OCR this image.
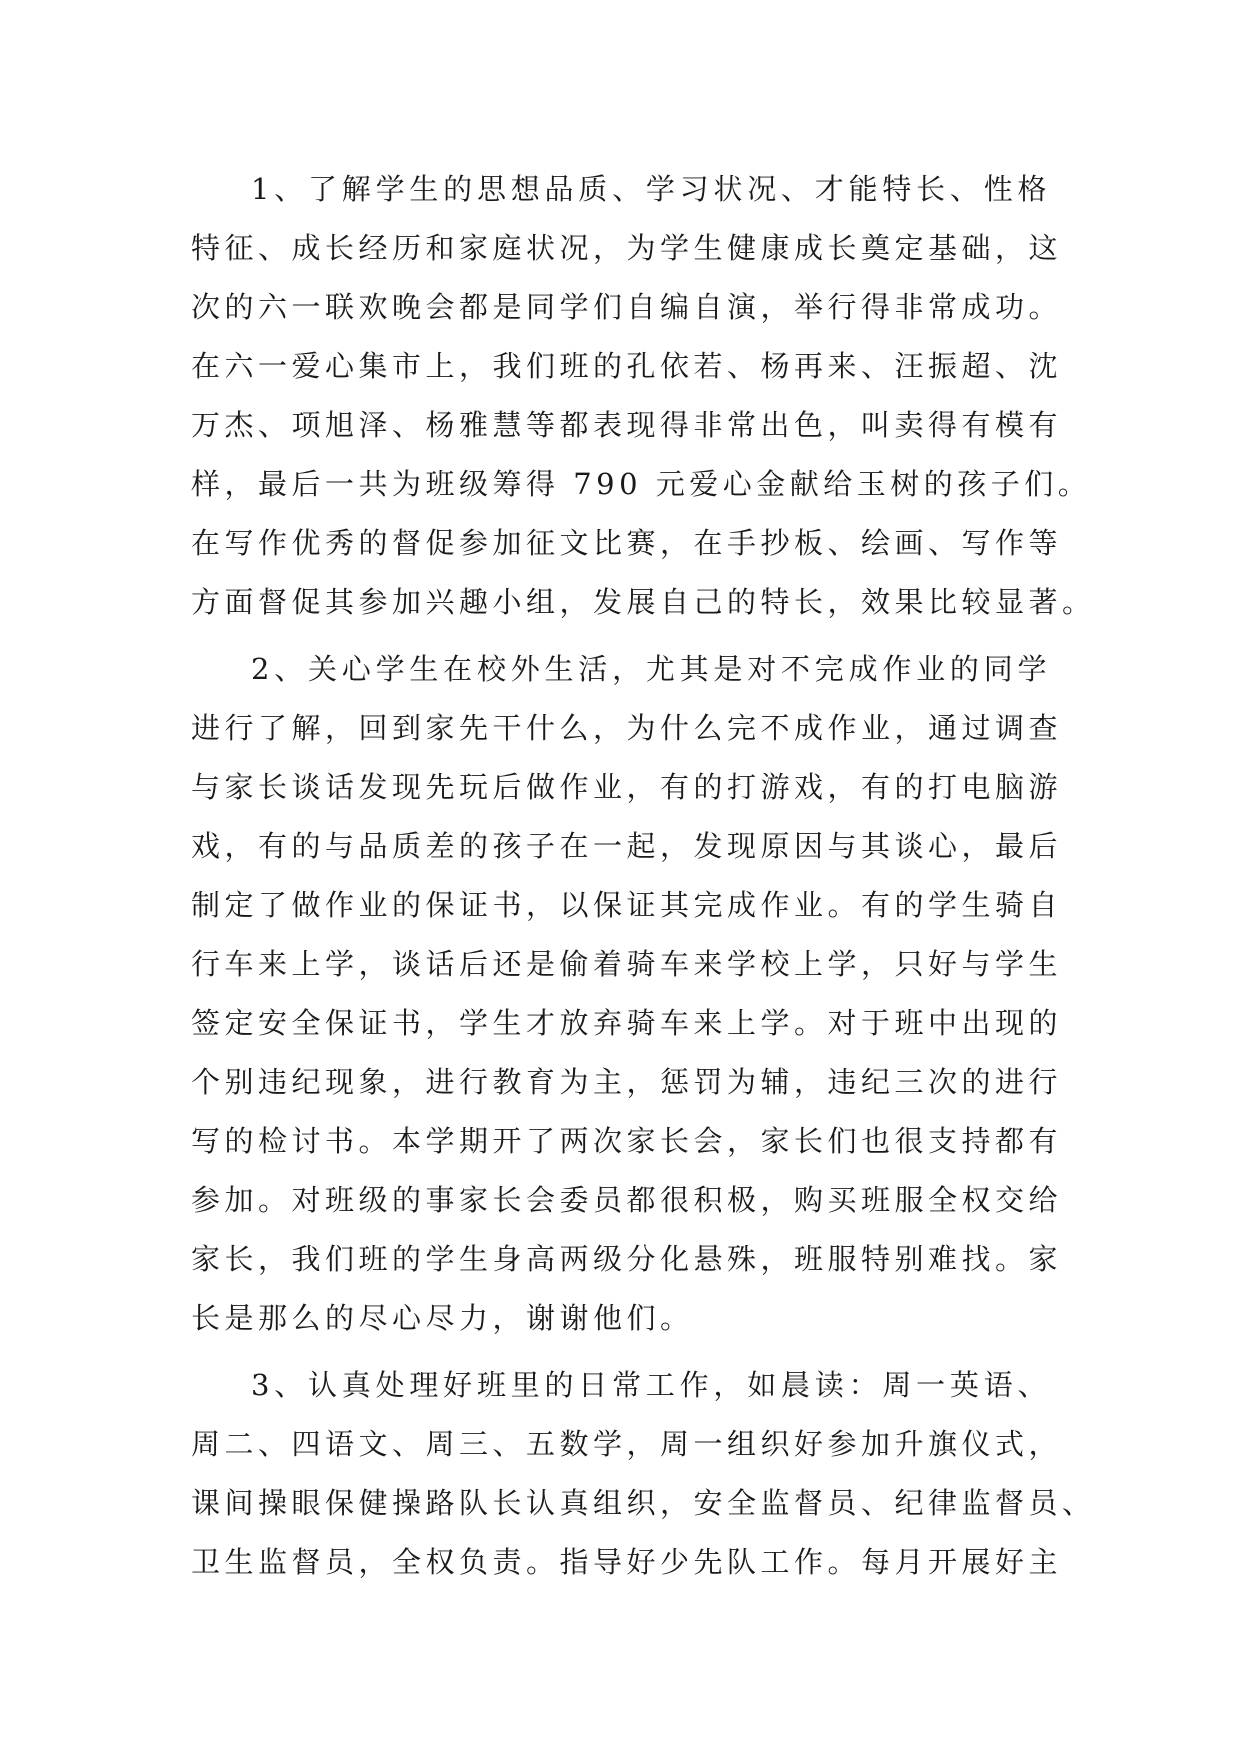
1、了解学生的思想品质、学习状况、才能特长、性格
特征、成长经历和家庭状况，为学生健康成长奠定基础，这
次的六一联欢晚会都是同学们自编自演，举行得非常成功。
在六一爱心集市上，我们班的孔依若、杨再来、汪振超、沈
万杰、项旭泽、杨雅慧等都表现得非常出色，叫卖得有模有
样，最后一共为班级筹得 790 元爱心金献给玉树的孩子们。
在写作优秀的督促参加征文比赛，在手抄板、绘画、写作等
方面督促其参加兴趣小组，发展自己的特长，效果比较显著。
2、关心学生在校外生活，尤其是对不完成作业的同学
进行了解，回到家先干什么，为什么完不成作业，通过调查
与家长谈话发现先玩后做作业，有的打游戏，有的打电脑游
戏，有的与品质差的孩子在一起，发现原因与其谈心，最后
制定了做作业的保证书，以保证其完成作业。有的学生骑自
行车来上学，谈话后还是偷着骑车来学校上学，只好与学生
签定安全保证书，学生才放弃骑车来上学。对于班中出现的
个别违纪现象，进行教育为主，惩罚为辅，违纪三次的进行
写的检讨书。本学期开了两次家长会，家长们也很支持都有
参加。对班级的事家长会委员都很积极，购买班服全权交给
家长，我们班的学生身高两级分化悬殊，班服特别难找。家
长是那么的尽心尽力，谢谢他们。
3、认真处理好班里的日常工作，如晨读：周一英语、
周二、四语文、周三、五数学，周一组织好参加升旗仪式，
课间操眼保健操路队长认真组织，安全监督员、纪律监督员、
卫生监督员，全权负责。指导好少先队工作。每月开展好主
